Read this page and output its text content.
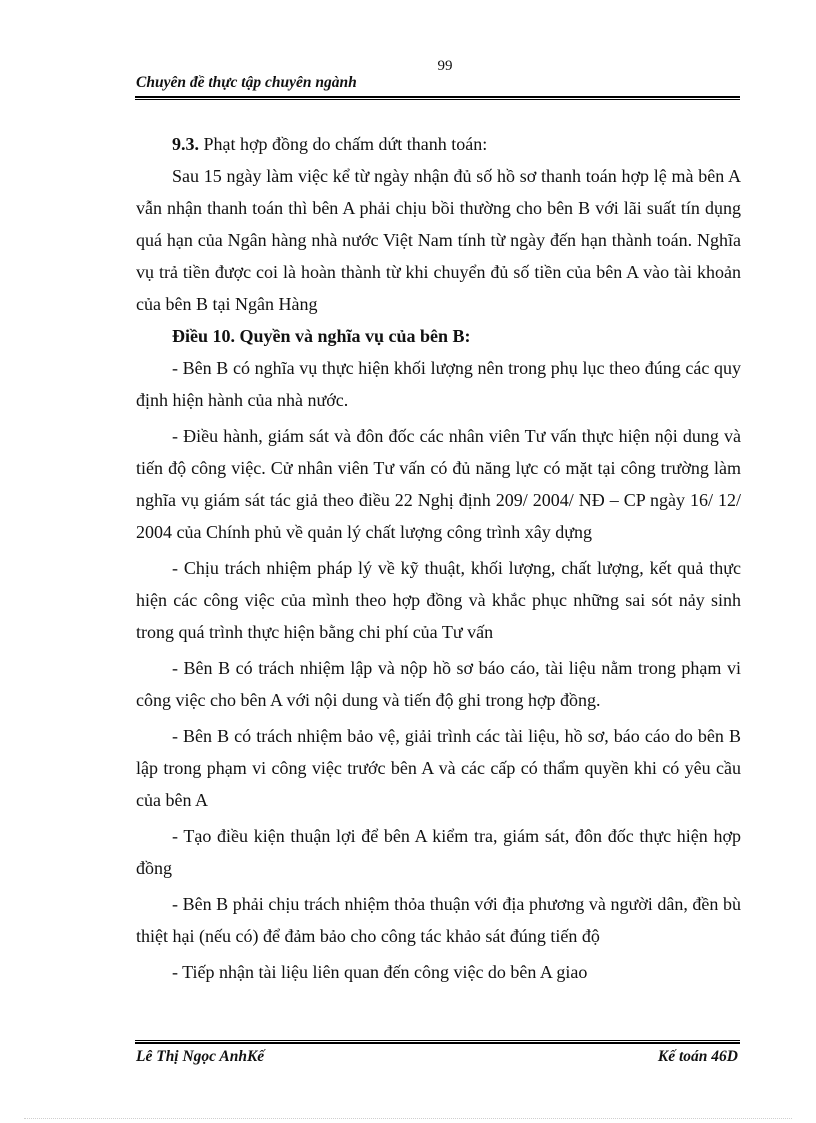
99
Chuyên đề thực tập chuyên ngành

9.3. Phạt hợp đồng do chấm dứt thanh toán:

Sau 15 ngày làm việc kể từ ngày nhận đủ số hồ sơ thanh toán hợp lệ mà bên A vẫn nhận thanh toán thì bên A phải chịu bồi thường cho bên B với lãi suất tín dụng quá hạn của Ngân hàng nhà nước Việt Nam tính từ ngày đến hạn thành toán. Nghĩa vụ trả tiền được coi là hoàn thành từ khi chuyển đủ số tiền của bên A vào tài khoản của bên B tại Ngân Hàng

Điều 10. Quyền và nghĩa vụ của bên B:

- Bên B có nghĩa vụ thực hiện khối lượng nên trong phụ lục theo đúng các quy định hiện hành của nhà nước.

- Điều hành, giám sát và đôn đốc các nhân viên Tư vấn thực hiện nội dung và tiến độ công việc. Cử nhân viên Tư vấn có đủ năng lực có mặt tại công trường làm nghĩa vụ giám sát tác giả theo điều 22 Nghị định 209/ 2004/ NĐ – CP ngày 16/ 12/ 2004 của Chính phủ về quản lý chất lượng công trình xây dựng

- Chịu trách nhiệm pháp lý về kỹ thuật, khối lượng, chất lượng, kết quả thực hiện các công việc của mình theo hợp đồng và khắc phục những sai sót nảy sinh trong quá trình thực hiện bằng chi phí của Tư vấn

- Bên B có trách nhiệm lập và nộp hồ sơ báo cáo, tài liệu nằm trong phạm vi công việc cho bên A với nội dung và tiến độ ghi trong hợp đồng.

- Bên B có trách nhiệm bảo vệ, giải trình các tài liệu, hồ sơ, báo cáo do bên B lập trong phạm vi công việc trước bên A và các cấp có thẩm quyền khi có yêu cầu của bên A

- Tạo điều kiện thuận lợi để bên A kiểm tra, giám sát, đôn đốc thực hiện hợp đồng

- Bên B phải chịu trách nhiệm thỏa thuận với địa phương và người dân, đền bù thiệt hại (nếu có) để đảm bảo cho công tác khảo sát đúng tiến độ

- Tiếp nhận tài liệu liên quan đến công việc do bên A giao

Lê Thị Ngọc AnhKế	Kế toán 46D
